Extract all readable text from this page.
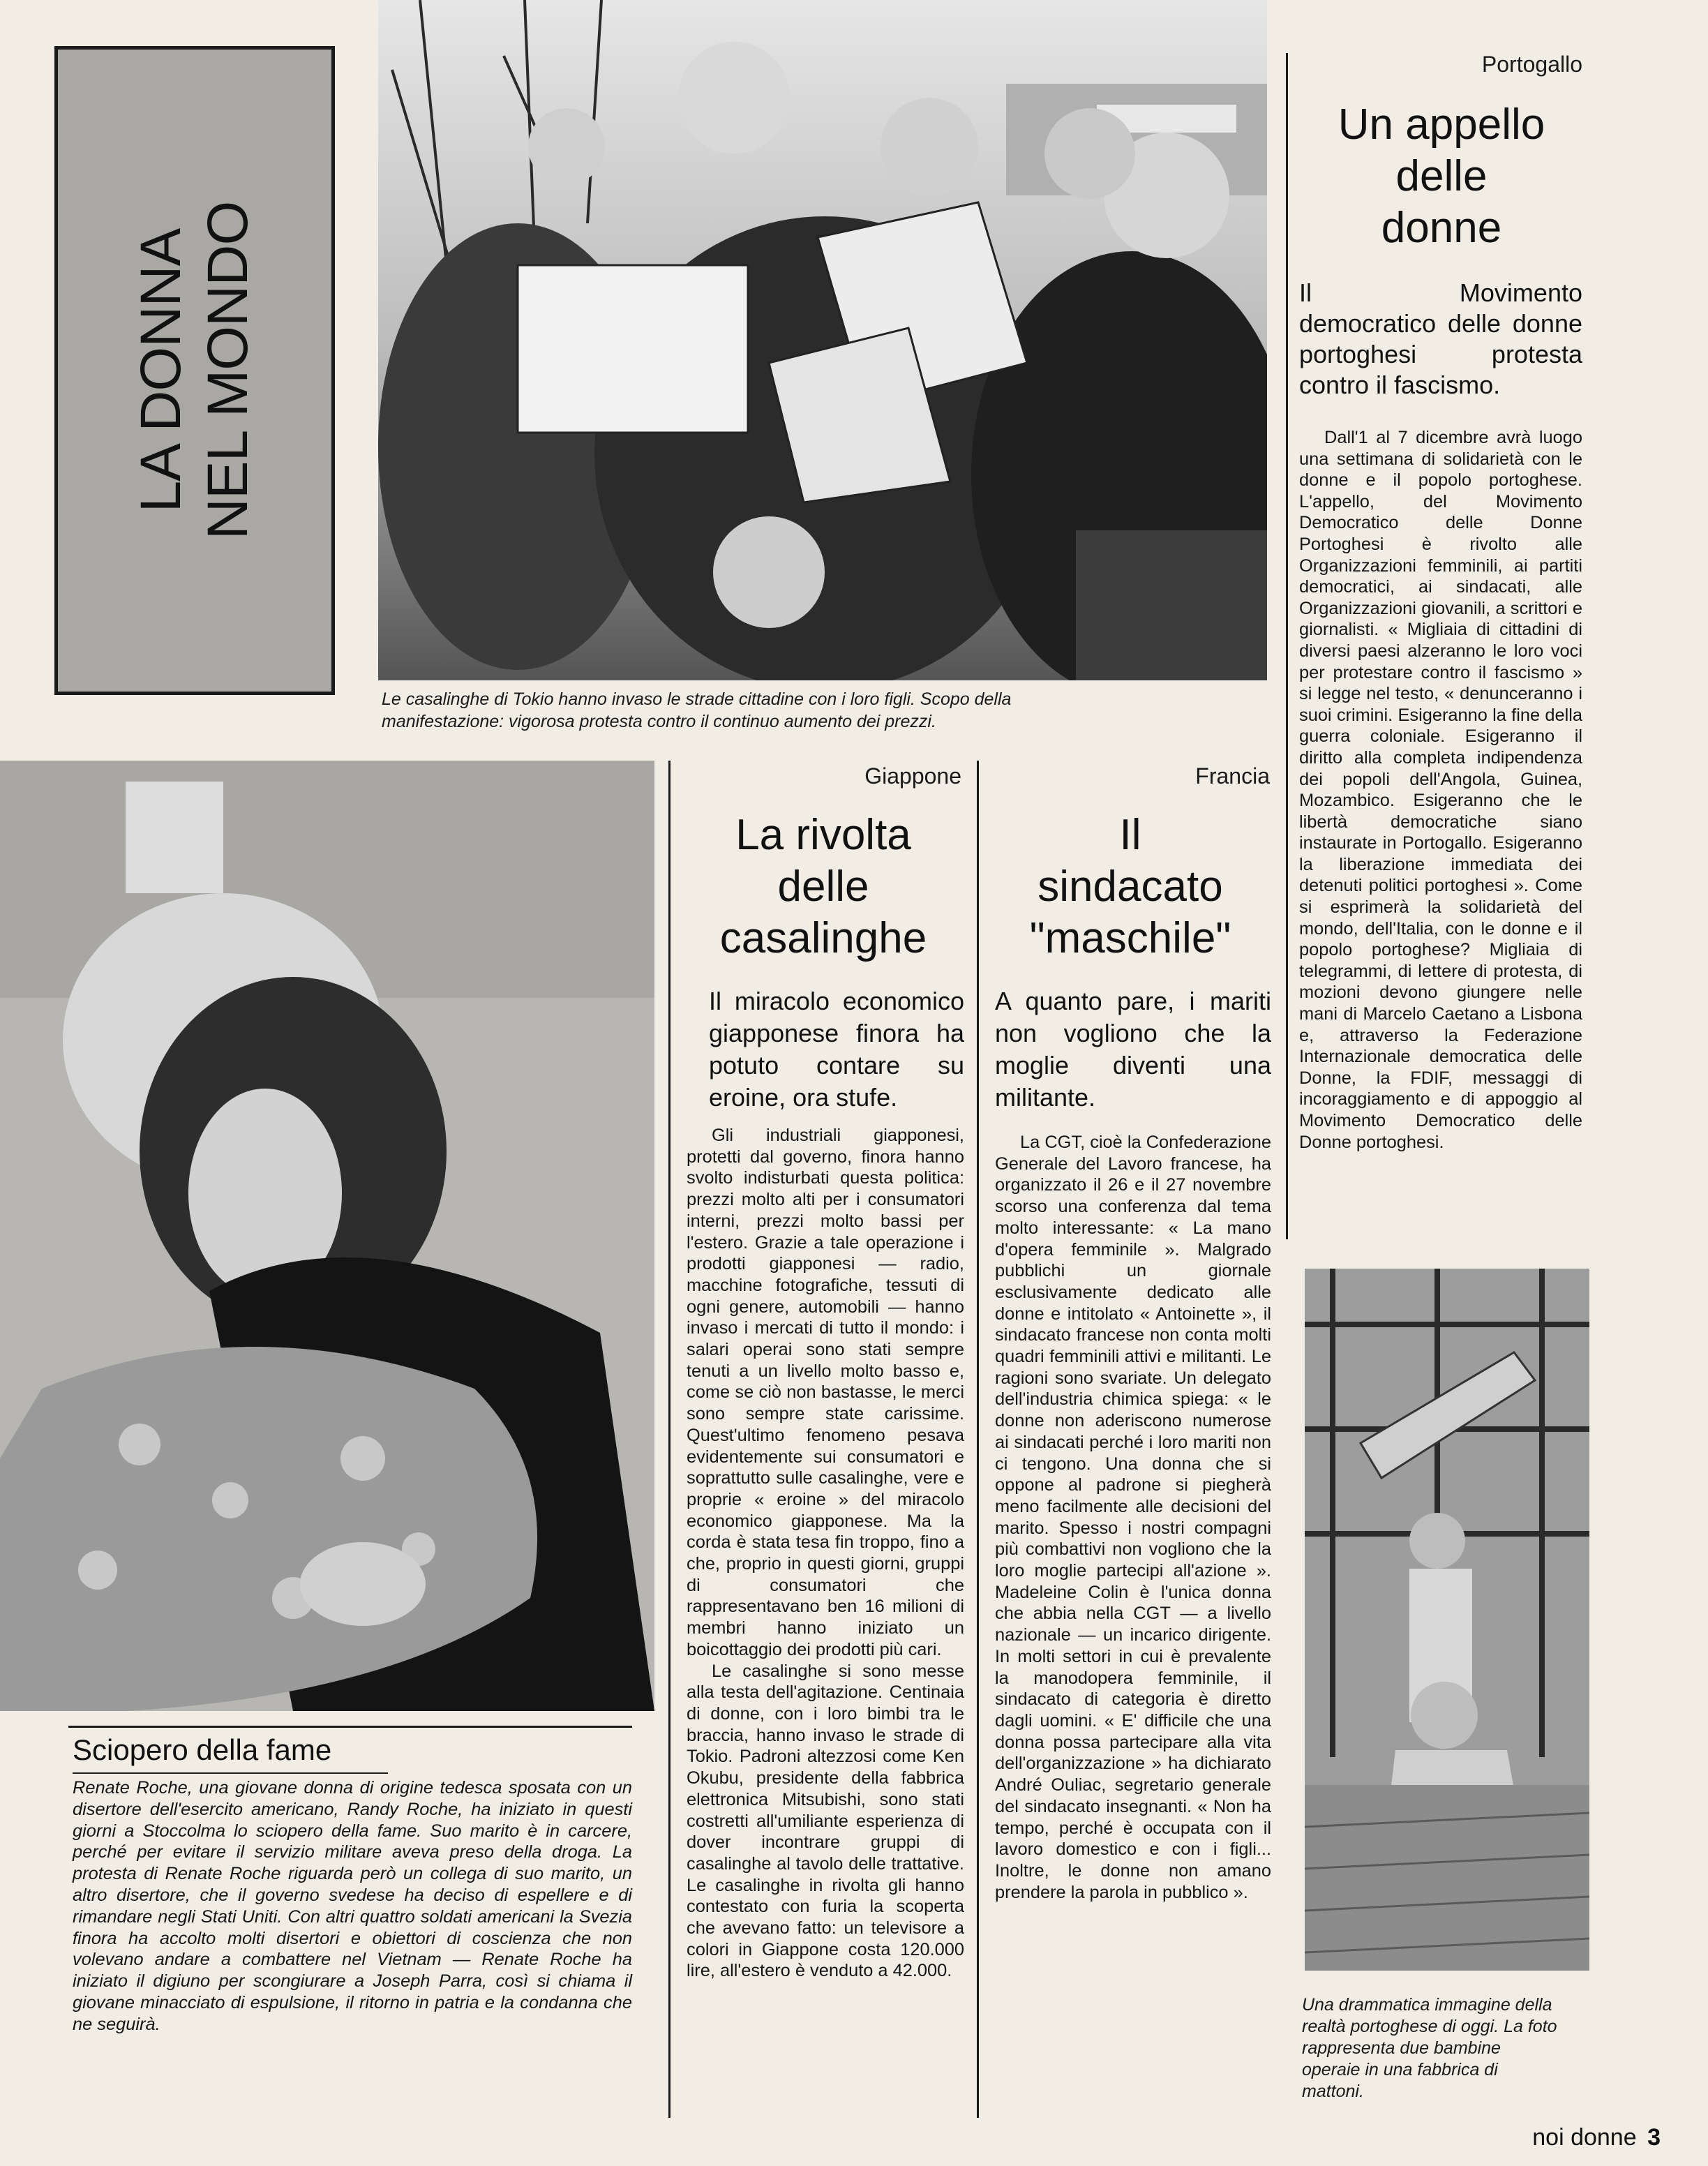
LA DONNA
NEL MONDO
Le casalinghe di Tokio hanno invaso le strade cittadine con i loro figli. Scopo della manifestazione: vigorosa protesta contro il continuo aumento dei prezzi.
Portogallo
Un appello
delle
donne
Il Movimento democratico delle donne portoghesi protesta contro il fascismo.

Dall'1 al 7 dicembre avrà luogo una settimana di solidarietà con le donne e il popolo portoghese. L'appello, del Movimento Democratico delle Donne Portoghesi è rivolto alle Organizzazioni femminili, ai partiti democratici, ai sindacati, alle Organizzazioni giovanili, a scrittori e giornalisti. « Migliaia di cittadini di diversi paesi alzeranno le loro voci per protestare contro il fascismo » si legge nel testo, « denunceranno i suoi crimini. Esigeranno la fine della guerra coloniale. Esigeranno il diritto alla completa indipendenza dei popoli dell'Angola, Guinea, Mozambico. Esigeranno che le libertà democratiche siano instaurate in Portogallo. Esigeranno la liberazione immediata dei detenuti politici portoghesi ». Come si esprimerà la solidarietà del mondo, dell'Italia, con le donne e il popolo portoghese? Migliaia di telegrammi, di lettere di protesta, di mozioni devono giungere nelle mani di Marcelo Caetano a Lisbona e, attraverso la Federazione Internazionale democratica delle Donne, la FDIF, messaggi di incoraggiamento e di appoggio al Movimento Democratico delle Donne portoghesi.

Sciopero della fame
Renate Roche, una giovane donna di origine tedesca sposata con un disertore dell'esercito americano, Randy Roche, ha iniziato in questi giorni a Stoccolma lo sciopero della fame. Suo marito è in carcere, perché per evitare il servizio militare aveva preso della droga. La protesta di Renate Roche riguarda però un collega di suo marito, un altro disertore, che il governo svedese ha deciso di espellere e di rimandare negli Stati Uniti. Con altri quattro soldati americani la Svezia finora ha accolto molti disertori e obiettori di coscienza che non volevano andare a combattere nel Vietnam — Renate Roche ha iniziato il digiuno per scongiurare a Joseph Parra, così si chiama il giovane minacciato di espulsione, il ritorno in patria e la condanna che ne seguirà.
Giappone
La rivolta
delle
casalinghe
Il miracolo economico giapponese finora ha potuto contare su eroine, ora stufe.

Gli industriali giapponesi, protetti dal governo, finora hanno svolto indisturbati questa politica: prezzi molto alti per i consumatori interni, prezzi molto bassi per l'estero. Grazie a tale operazione i prodotti giapponesi — radio, macchine fotografiche, tessuti di ogni genere, automobili — hanno invaso i mercati di tutto il mondo: i salari operai sono stati sempre tenuti a un livello molto basso e, come se ciò non bastasse, le merci sono sempre state carissime. Quest'ultimo fenomeno pesava evidentemente sui consumatori e soprattutto sulle casalinghe, vere e proprie « eroine » del miracolo economico giapponese. Ma la corda è stata tesa fin troppo, fino a che, proprio in questi giorni, gruppi di consumatori che rappresentavano ben 16 milioni di membri hanno iniziato un boicottaggio dei prodotti più cari.

Le casalinghe si sono messe alla testa dell'agitazione. Centinaia di donne, con i loro bimbi tra le braccia, hanno invaso le strade di Tokio. Padroni altezzosi come Ken Okubu, presidente della fabbrica elettronica Mitsubishi, sono stati costretti all'umiliante esperienza di dover incontrare gruppi di casalinghe al tavolo delle trattative. Le casalinghe in rivolta gli hanno contestato con furia la scoperta che avevano fatto: un televisore a colori in Giappone costa 120.000 lire, all'estero è venduto a 42.000.

Francia
Il
sindacato
"maschile"
A quanto pare, i mariti non vogliono che la moglie diventi una militante.

La CGT, cioè la Confederazione Generale del Lavoro francese, ha organizzato il 26 e il 27 novembre scorso una conferenza dal tema molto interessante: « La mano d'opera femminile ». Malgrado pubblichi un giornale esclusivamente dedicato alle donne e intitolato « Antoinette », il sindacato francese non conta molti quadri femminili attivi e militanti. Le ragioni sono svariate. Un delegato dell'industria chimica spiega: « le donne non aderiscono numerose ai sindacati perché i loro mariti non ci tengono. Una donna che si oppone al padrone si piegherà meno facilmente alle decisioni del marito. Spesso i nostri compagni più combattivi non vogliono che la loro moglie partecipi all'azione ». Madeleine Colin è l'unica donna che abbia nella CGT — a livello nazionale — un incarico dirigente. In molti settori in cui è prevalente la manodopera femminile, il sindacato di categoria è diretto dagli uomini. « E' difficile che una donna possa partecipare alla vita dell'organizzazione » ha dichiarato André Ouliac, segretario generale del sindacato insegnanti. « Non ha tempo, perché è occupata con il lavoro domestico e con i figli... Inoltre, le donne non amano prendere la parola in pubblico ».

Una drammatica immagine della realtà portoghese di oggi. La foto rappresenta due bambine operaie in una fabbrica di mattoni.
noi donne 3
